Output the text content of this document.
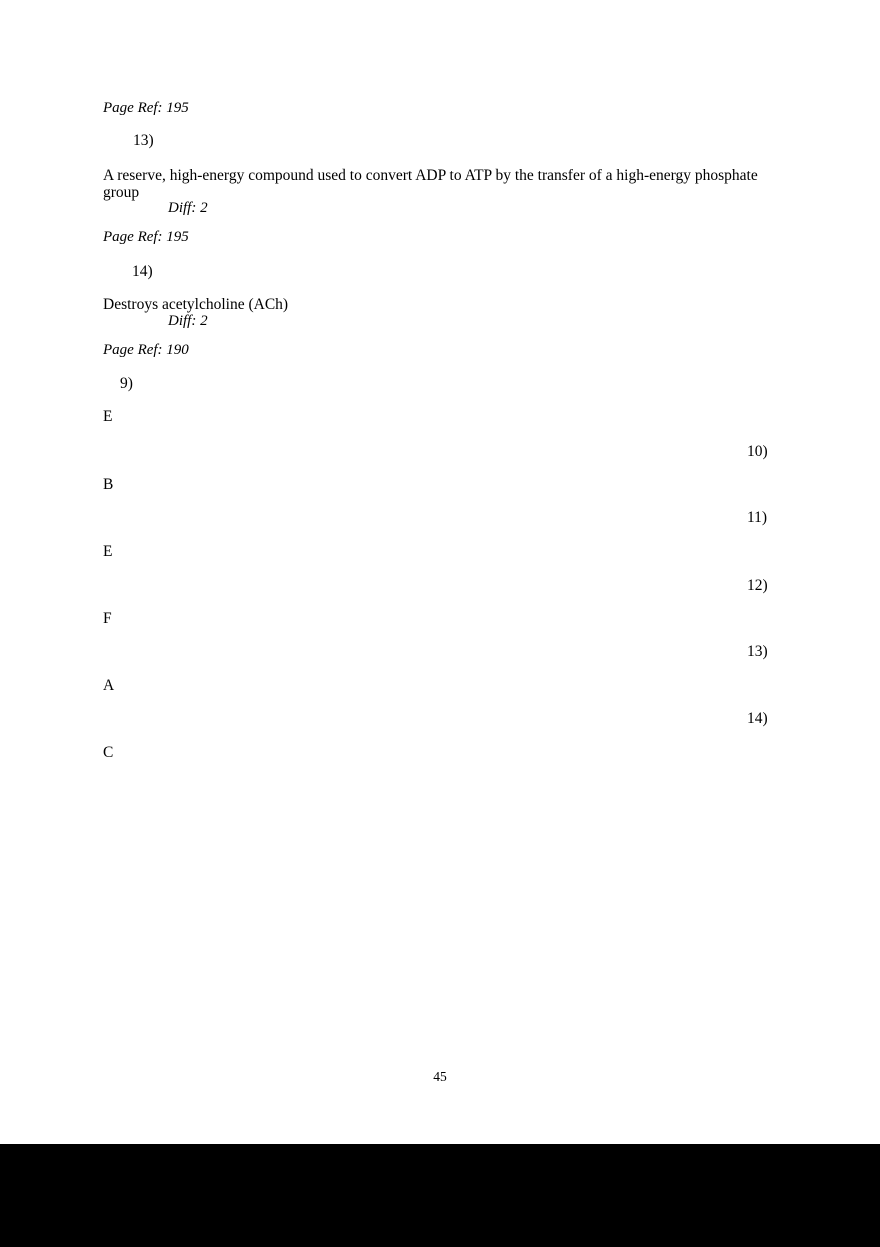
Page Ref: 195
13)
A reserve, high-energy compound used to convert ADP to ATP by the transfer of a high-energy phosphate group
Diff: 2
Page Ref: 195
14)
Destroys acetylcholine (ACh)
Diff: 2
Page Ref: 190
9)
E
10)
B
11)
E
12)
F
13)
A
14)
C
45
